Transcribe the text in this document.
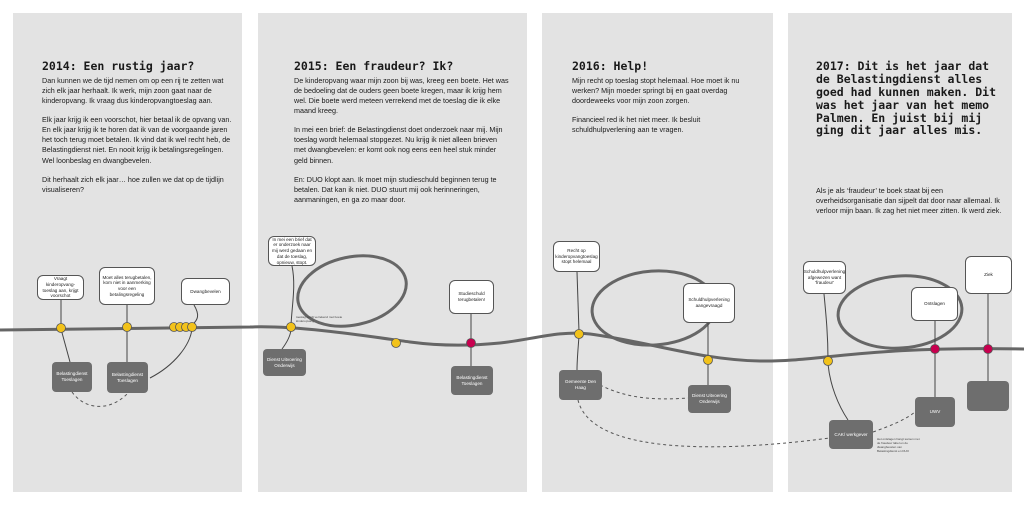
2014: Een rustig jaar?	2015: Een fraudeur? Ik?	2016: Help!	2017: Dit is het jaar dat de Belastingdienst alles goed had kunnen maken. Dit was het jaar van het memo Palmen. En juist bij mij ging dit jaar alles mis.

Dan kunnen we de tijd nemen om op een rij te zetten wat zich elk jaar herhaalt. Ik werk, mijn zoon gaat naar de kinderopvang. Ik vraag dus kinderopvangtoeslag aan.

Elk jaar krijg ik een voorschot, hier betaal ik de opvang van. En elk jaar krijg ik te horen dat ik van de voorgaande jaren het toch terug moet betalen. Ik vind dat ik wel recht heb, de Belastingdienst niet. En nooit krijg ik betalingsregelingen. Wel loonbeslag en dwangbevelen.

Dit herhaalt zich elk jaar… hoe zullen we dat op de tijdlijn visualiseren?

De kinderopvang waar mijn zoon bij was, kreeg een boete. Het was de bedoeling dat de ouders geen boete kregen, maar ik krijg hem wel. Die boete werd meteen verrekend met de toeslag die ik elke maand kreeg.

In mei een brief: de Belastingdienst doet onderzoek naar mij. Mijn toeslag wordt helemaal stopgezet. Nu krijg ik niet alleen brieven met dwangbevelen: er komt ook nog eens een heel stuk minder geld binnen.

En: DUO klopt aan. Ik moet mijn studieschuld beginnen terug te betalen. Dat kan ik niet. DUO stuurt mij ook herinneringen, aanmaningen, en ga zo maar door.

Mijn recht op toeslag stopt helemaal. Hoe moet ik nu werken? Mijn moeder springt bij en gaat overdag doordeweeks voor mijn zoon zorgen.

Financieel red ik het niet meer. Ik besluit schuldhulpverlening aan te vragen.

Als je als ‘fraudeur’ te boek staat bij een overheidsorganisatie dan sijpelt dat door naar allemaal. Ik verloor mijn baan. Ik zag het niet meer zitten. Ik werd ziek.

Vraagt kinderopvang-toeslag aan, krijgt voorschot
Moet alles terugbetalen, kom niet in aanmerking voor een betalingsregeling
Dwangbevelen
In mei een brief dat er onderzoek naar mij werd gedaan en dat de toeslag, opnieuw, stopt.
Studieschuld terugbetalen!
Recht op kinderopvangtoeslag stopt helemaal
Schuldhulpverlening aangevraagd
Schuldhulpverlening afgewezen want 'fraudeur'
Ontslagen
Ziek
Belastingdienst Toeslagen
Belastingdienst Toeslagen
Dienst Uitvoering Onderwijs
Belastingdienst Toeslagen	Gemeente Den Haag
Dienst Uitvoering Onderwijs
CAK/ werkgever
UWV
toeslag wordt verrekend met boete kinderopvang
Het ontslagen hangt samen met de fraudeur label en de dwangbevelen van Belastingdienst en DUO
